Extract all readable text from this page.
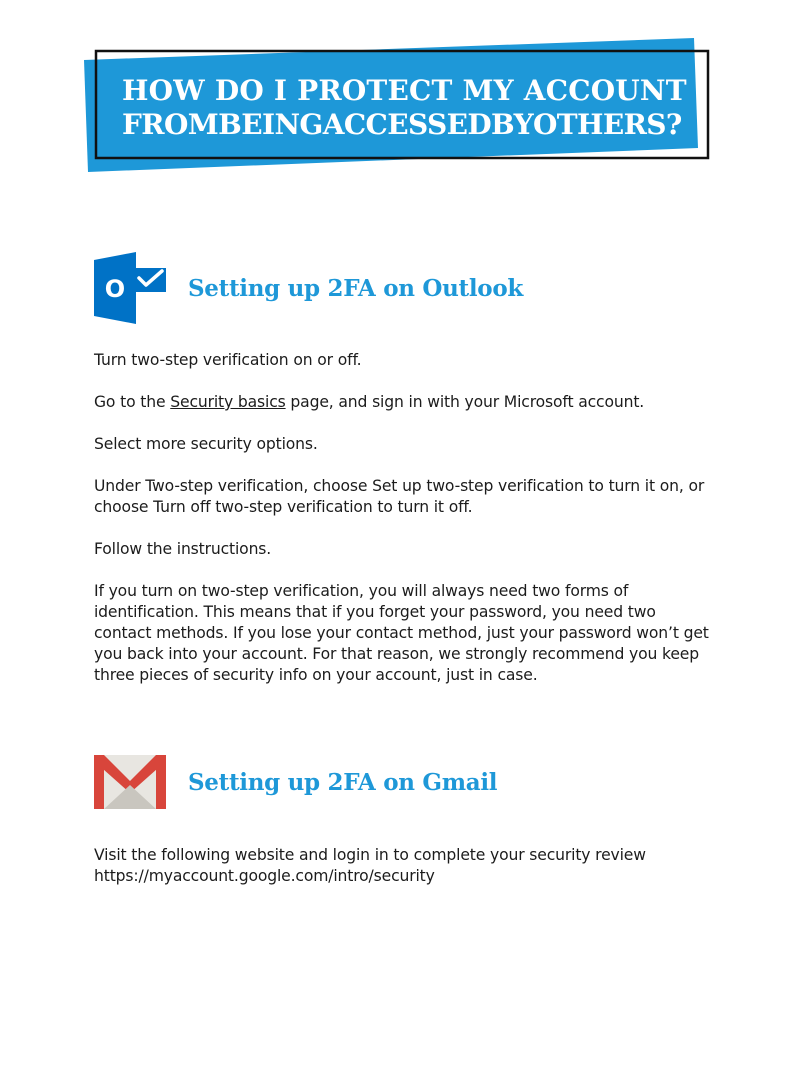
HOW DO I PROTECT MY ACCOUNT
FROMBEINGACCESSEDBYOTHERS?
O	Setting up 2FA on Outlook

Turn two-step verification on or off.

Go to the Security basics page, and sign in with your Microsoft account.

Select more security options.

Under Two-step verification, choose Set up two-step verification to turn it on, or choose Turn off two-step verification to turn it off.

Follow the instructions.

If you turn on two-step verification, you will always need two forms of identification. This means that if you forget your password, you need two contact methods. If you lose your contact method, just your password won’t get you back into your account. For that reason, we strongly recommend you keep three pieces of security info on your account, just in case.

Setting up 2FA on Gmail
Visit the following website and login in to complete your security review
https://myaccount.google.com/intro/security
